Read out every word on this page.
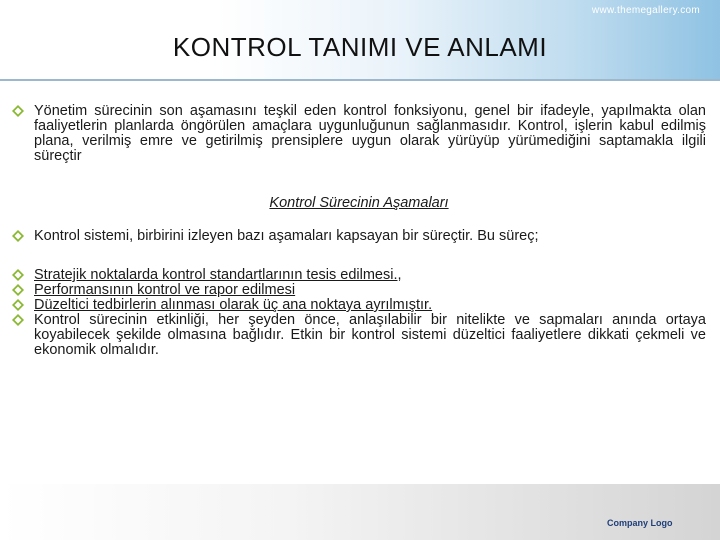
www.themegallery.com
KONTROL TANIMI VE ANLAMI
Yönetim sürecinin son aşamasını teşkil eden kontrol fonksiyonu, genel bir ifadeyle, yapılmakta olan faaliyetlerin planlarda öngörülen amaçlara uygunluğunun sağlanmasıdır. Kontrol, işlerin kabul edilmiş plana, verilmiş emre ve getirilmiş prensiplere uygun olarak yürüyüp yürümediğini saptamakla ilgili süreçtir
Kontrol Sürecinin Aşamaları
Kontrol sistemi, birbirini izleyen bazı aşamaları kapsayan bir süreçtir. Bu süreç;
Stratejik noktalarda kontrol standartlarının tesis edilmesi.,
Performansının kontrol ve rapor edilmesi
Düzeltici tedbirlerin alınması olarak üç ana noktaya ayrılmıştır.
Kontrol sürecinin etkinliği, her şeyden önce, anlaşılabilir bir nitelikte ve sapmaları anında ortaya koyabilecek şekilde olmasına bağlıdır. Etkin bir kontrol sistemi düzeltici faaliyetlere dikkati çekmeli ve ekonomik olmalıdır.
Company Logo
